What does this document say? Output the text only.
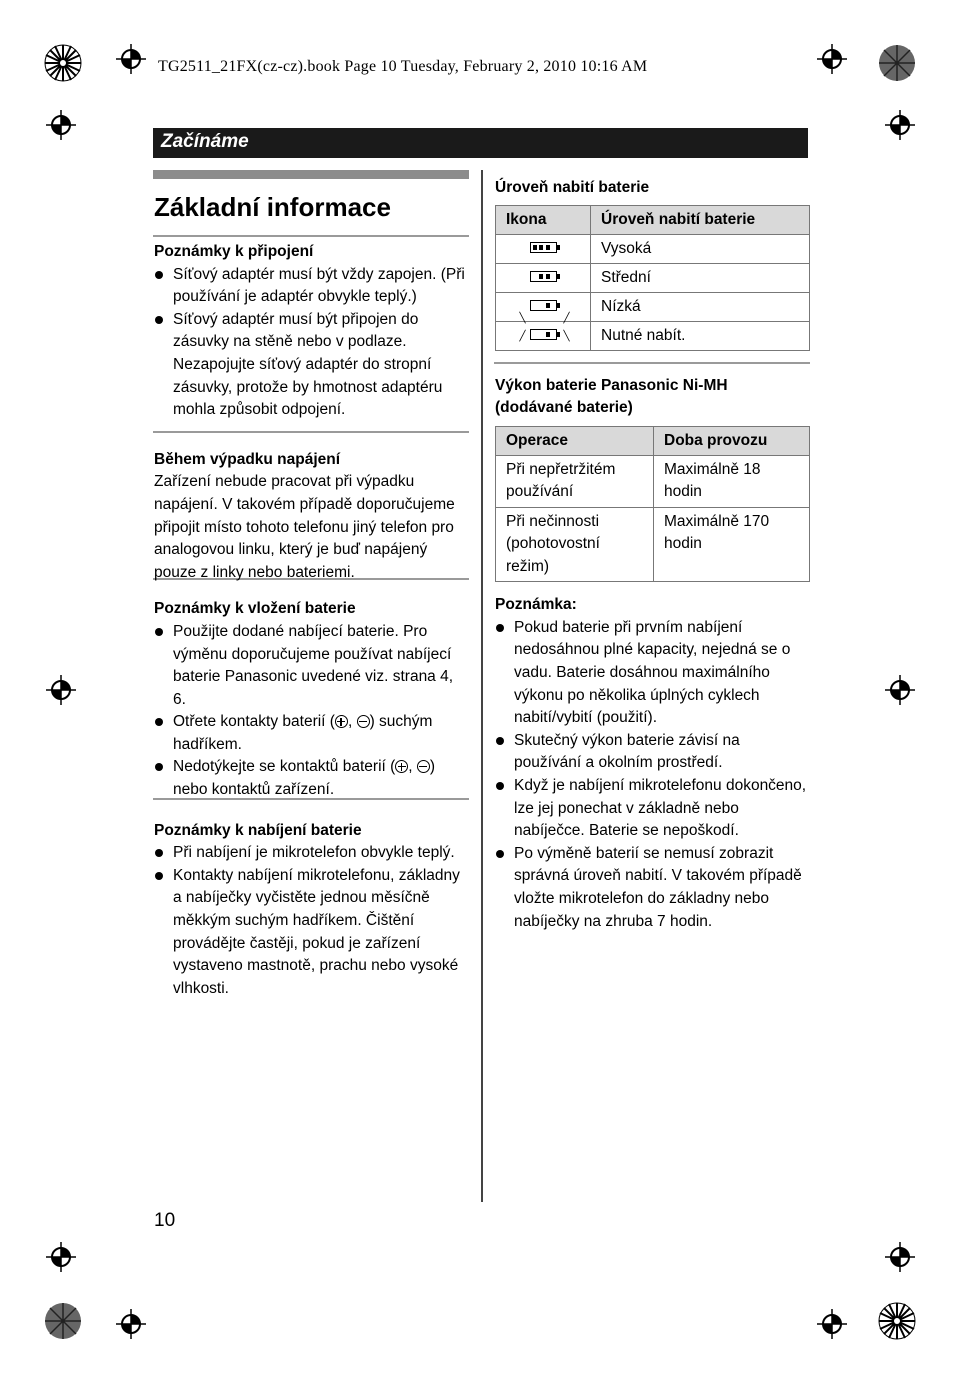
TG2511_21FX(cz-cz).book Page 10 Tuesday, February 2, 2010 10:16 AM
Začínáme
Základní informace

Poznámky k připojení

Síťový adaptér musí být vždy zapojen. (Při používání je adaptér obvykle teplý.)

Síťový adaptér musí být připojen do zásuvky na stěně nebo v podlaze. Nezapojujte síťový adaptér do stropní zásuvky, protože by hmotnost adaptéru mohla způsobit odpojení.

Během výpadku napájení

Zařízení nebude pracovat při výpadku napájení. V takovém případě doporučujeme připojit místo tohoto telefonu jiný telefon pro analogovou linku, který je buď napájený pouze z linky nebo bateriemi.

Poznámky k vložení baterie

Použijte dodané nabíjecí baterie. Pro výměnu doporučujeme používat nabíjecí baterie Panasonic uvedené viz. strana 4, 6.

Otřete kontakty baterií ( , ) suchým hadříkem.

Nedotýkejte se kontaktů baterií ( , ) nebo kontaktů zařízení.

Poznámky k nabíjení baterie

Při nabíjení je mikrotelefon obvykle teplý.

Kontakty nabíjení mikrotelefonu, základny a nabíječky vyčistěte jednou měsíčně měkkým suchým hadříkem. Čištění provádějte častěji, pokud je zařízení vystaveno mastnotě, prachu nebo vysoké vlhkosti.

Úroveň nabití baterie

Ikona	Úroveň nabití baterie

	Vysoká

	Střední

	Nízká

╲
╱
╱
╲	Nutné nabít.

Výkon baterie Panasonic Ni-MH

(dodávané baterie)

Operace	Doba provozu
Při nepřetržitém používání	Maximálně 18 hodin
Při nečinnosti (pohotovostní režim)	Maximálně 170 hodin

Poznámka:

Pokud baterie při prvním nabíjení nedosáhnou plné kapacity, nejedná se o vadu. Baterie dosáhnou maximálního výkonu po několika úplných cyklech nabití/vybití (použití).

Skutečný výkon baterie závisí na používání a okolním prostředí.

Když je nabíjení mikrotelefonu dokončeno, lze jej ponechat v základně nebo nabíječce. Baterie se nepoškodí.

Po výměně baterií se nemusí zobrazit správná úroveň nabití. V takovém případě vložte mikrotelefon do základny nebo nabíječky na zhruba 7 hodin.

10
